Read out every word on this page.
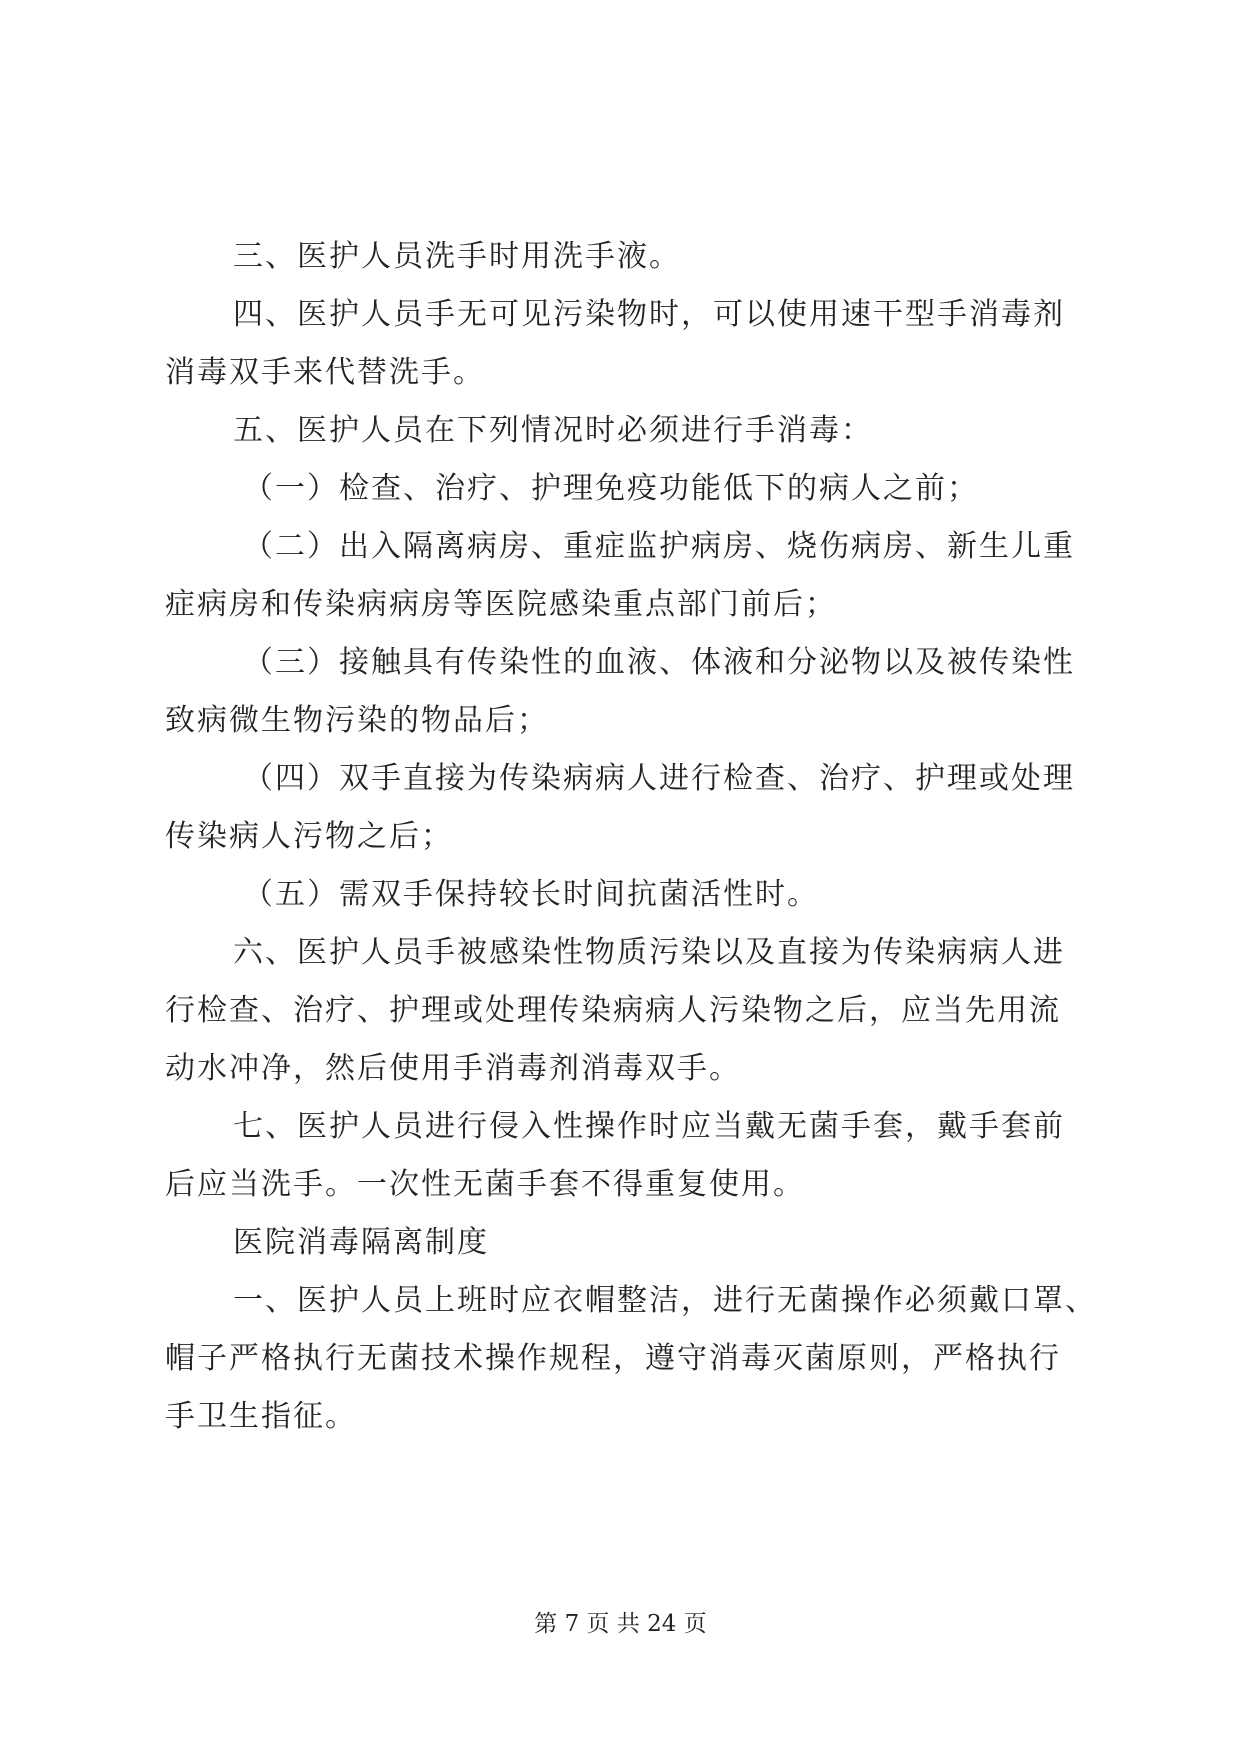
三、医护人员洗手时用洗手液。
四、医护人员手无可见污染物时，可以使用速干型手消毒剂
消毒双手来代替洗手。
五、医护人员在下列情况时必须进行手消毒：
（一）检查、治疗、护理免疫功能低下的病人之前；
（二）出入隔离病房、重症监护病房、烧伤病房、新生儿重
症病房和传染病病房等医院感染重点部门前后；
（三）接触具有传染性的血液、体液和分泌物以及被传染性
致病微生物污染的物品后；
（四）双手直接为传染病病人进行检查、治疗、护理或处理
传染病人污物之后；
（五）需双手保持较长时间抗菌活性时。
六、医护人员手被感染性物质污染以及直接为传染病病人进
行检查、治疗、护理或处理传染病病人污染物之后，应当先用流
动水冲净，然后使用手消毒剂消毒双手。
七、医护人员进行侵入性操作时应当戴无菌手套，戴手套前
后应当洗手。一次性无菌手套不得重复使用。
医院消毒隔离制度
一、医护人员上班时应衣帽整洁，进行无菌操作必须戴口罩、
帽子严格执行无菌技术操作规程，遵守消毒灭菌原则，严格执行
手卫生指征。
第 7 页 共 24 页
